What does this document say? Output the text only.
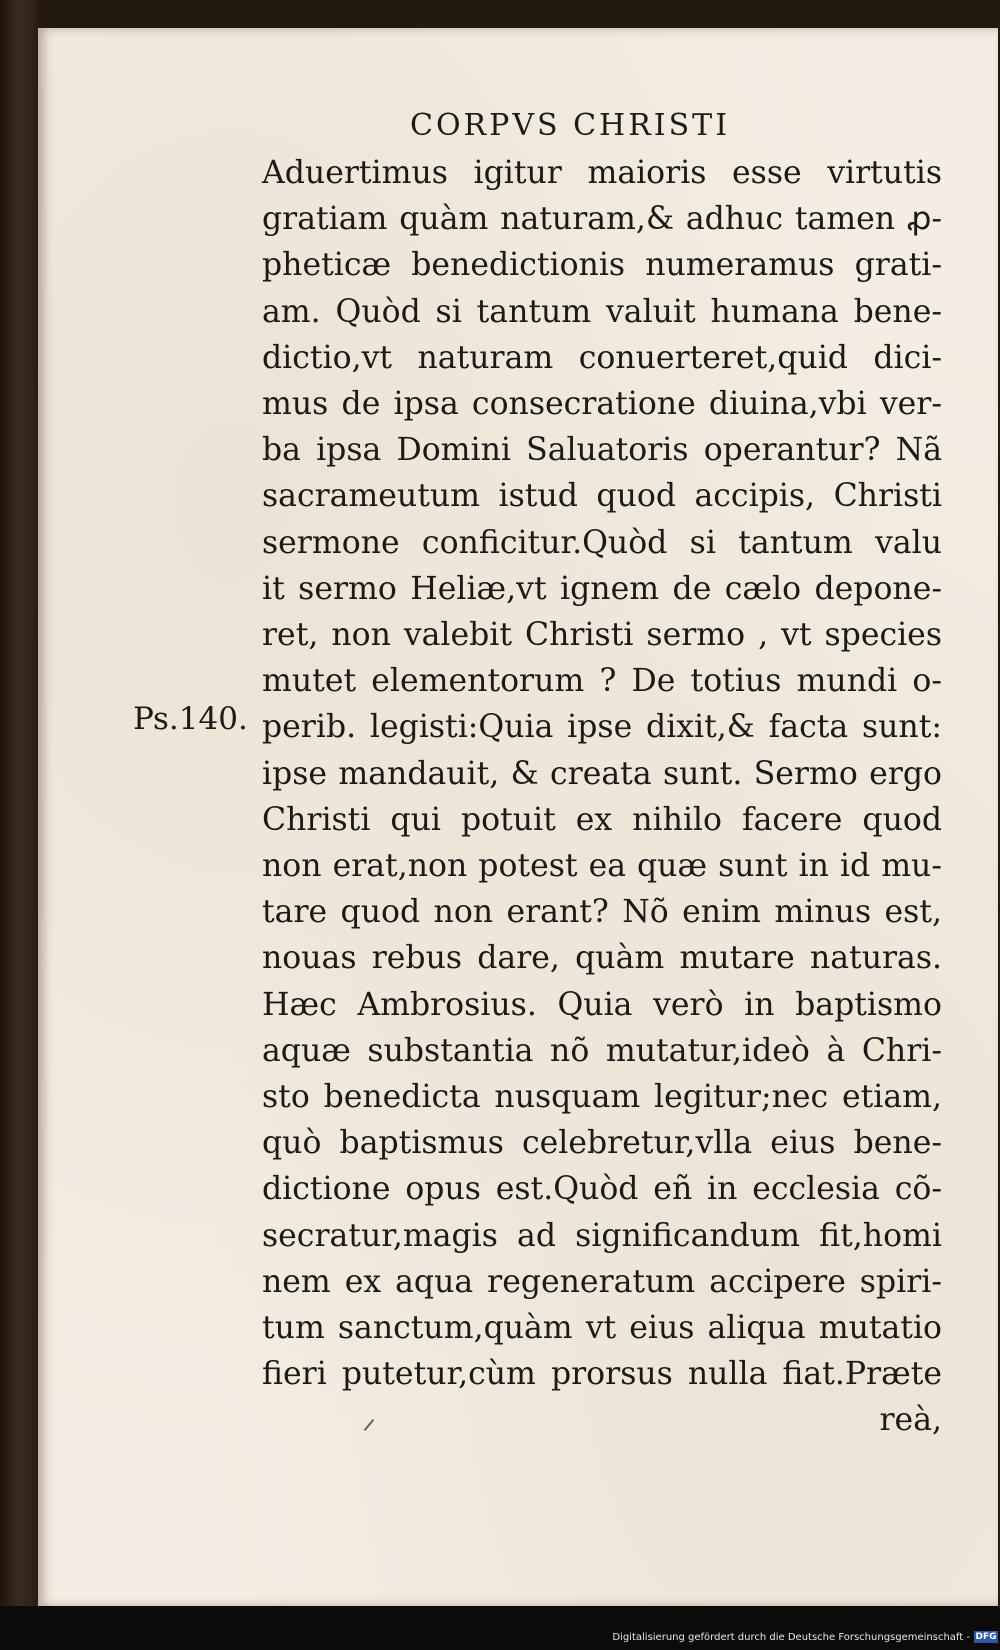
CORPVS CHRISTI
Ps.140.
Aduertimus igitur maioris esse virtutis
gratiam quàm naturam,& adhuc tamen ꝓ-
pheticæ benedictionis numeramus grati-
am. Quòd si tantum valuit humana bene-
dictio,vt naturam conuerteret,quid dici-
mus de ipsa consecratione diuina,vbi ver-
ba ipsa Domini Saluatoris operantur? Nã
sacrameutum istud quod accipis, Christi
sermone conficitur.Quòd si tantum valu
it sermo Heliæ,vt ignem de cælo depone-
ret, non valebit Christi sermo , vt species
mutet elementorum ? De totius mundi o-
perib. legisti:Quia ipse dixit,& facta sunt:
ipse mandauit, & creata sunt. Sermo ergo
Christi qui potuit ex nihilo facere quod
non erat,non potest ea quæ sunt in id mu-
tare quod non erant? Nõ enim minus est,
nouas rebus dare, quàm mutare naturas.
Hæc Ambrosius. Quia verò in baptismo
aquæ substantia nõ mutatur,ideò à Chri-
sto benedicta nusquam legitur;nec etiam,
quò baptismus celebretur,vlla eius bene-
dictione opus est.Quòd eñ in ecclesia cõ-
secratur,magis ad significandum fit,homi
nem ex aqua regeneratum accipere spiri-
tum sanctum,quàm vt eius aliqua mutatio
fieri putetur,cùm prorsus nulla fiat.Præte
reà,
Digitalisierung gefördert durch die Deutsche Forschungsgemeinschaft - DFG
